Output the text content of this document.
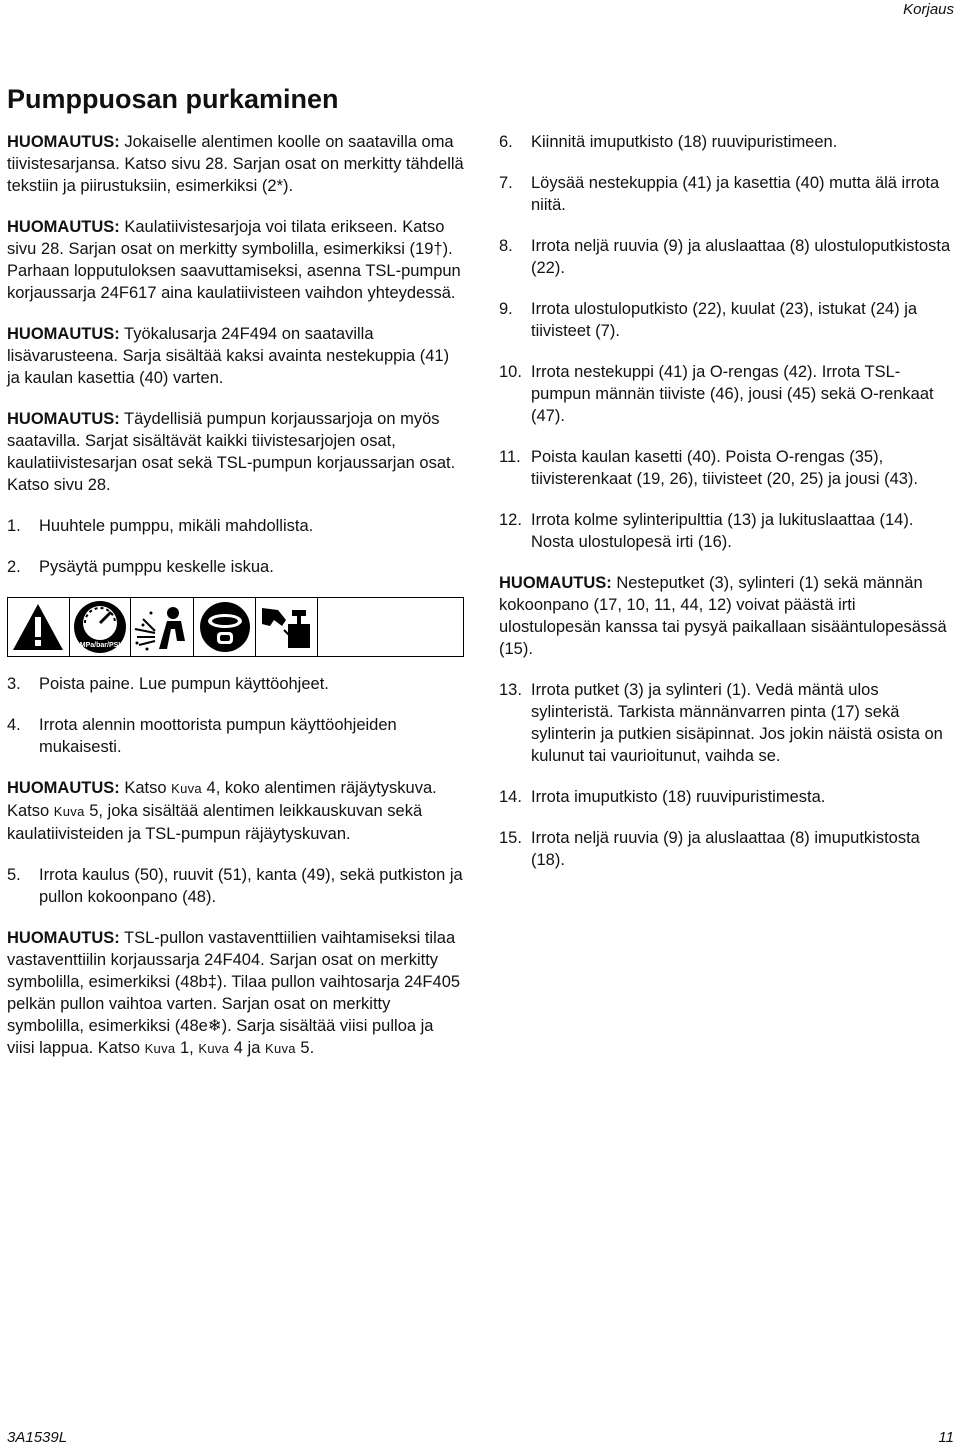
Korjaus
Pumppuosan purkaminen

HUOMAUTUS: Jokaiselle alentimen koolle on saatavilla oma tiivistesarjansa. Katso sivu 28. Sarjan osat on merkitty tähdellä tekstiin ja piirustuksiin, esimerkiksi (2*).

HUOMAUTUS: Kaulatiivistesarjoja voi tilata erikseen. Katso sivu 28. Sarjan osat on merkitty symbolilla, esimerkiksi (19†). Parhaan lopputuloksen saavuttamiseksi, asenna TSL-pumpun korjaussarja 24F617 aina kaulatiivisteen vaihdon yhteydessä.

HUOMAUTUS: Työkalusarja 24F494 on saatavilla lisävarusteena. Sarja sisältää kaksi avainta nestekuppia (41) ja kaulan kasettia (40) varten.

HUOMAUTUS: Täydellisiä pumpun korjaussarjoja on myös saatavilla. Sarjat sisältävät kaikki tiivistesarjojen osat, kaulatiivistesarjan osat sekä TSL-pumpun korjaussarjan osat. Katso sivu 28.

1.	Huuhtele pumppu, mikäli mahdollista.
2.	Pysäytä pumppu keskelle iskua.
MPa/bar/PSI
3.	Poista paine. Lue pumpun käyttöohjeet.
4.	Irrota alennin moottorista pumpun käyttöohjeiden mukaisesti.

HUOMAUTUS: Katso Kuva 4, koko alentimen räjäytyskuva. Katso Kuva 5, joka sisältää alentimen leikkauskuvan sekä kaulatiivisteiden ja TSL-pumpun räjäytyskuvan.

5.	Irrota kaulus (50), ruuvit (51), kanta (49), sekä putkiston ja pullon kokoonpano (48).

HUOMAUTUS: TSL-pullon vastaventtiilien vaihtamiseksi tilaa vastaventtiilin korjaussarja 24F404. Sarjan osat on merkitty symbolilla, esimerkiksi (48b‡). Tilaa pullon vaihtosarja 24F405 pelkän pullon vaihtoa varten. Sarjan osat on merkitty symbolilla, esimerkiksi (48e❄). Sarja sisältää viisi pulloa ja viisi lappua. Katso Kuva 1, Kuva 4 ja Kuva 5.

6.	Kiinnitä imuputkisto (18) ruuvipuristimeen.
7.	Löysää nestekuppia (41) ja kasettia (40) mutta älä irrota niitä.
8.	Irrota neljä ruuvia (9) ja aluslaattaa (8) ulostuloputkistosta (22).
9.	Irrota ulostuloputkisto (22), kuulat (23), istukat (24) ja tiivisteet (7).
10. Irrota nestekuppi (41) ja O-rengas (42). Irrota TSL-pumpun männän tiiviste (46), jousi (45) sekä O-renkaat (47).
11. Poista kaulan kasetti (40). Poista O-rengas (35), tiivisterenkaat (19, 26), tiivisteet (20, 25) ja jousi (43).
12. Irrota kolme sylinteripulttia (13) ja lukituslaattaa (14). Nosta ulostulopesä irti (16).

HUOMAUTUS: Nesteputket (3), sylinteri (1) sekä männän kokoonpano (17, 10, 11, 44, 12) voivat päästä irti ulostulopesän kanssa tai pysyä paikallaan sisääntulopesässä (15).

13. Irrota putket (3) ja sylinteri (1). Vedä mäntä ulos sylinteristä. Tarkista männänvarren pinta (17) sekä sylinterin ja putkien sisäpinnat. Jos jokin näistä osista on kulunut tai vaurioitunut, vaihda se.
14. Irrota imuputkisto (18) ruuvipuristimesta.
15. Irrota neljä ruuvia (9) ja aluslaattaa (8) imuputkistosta (18).
3A1539L	11
